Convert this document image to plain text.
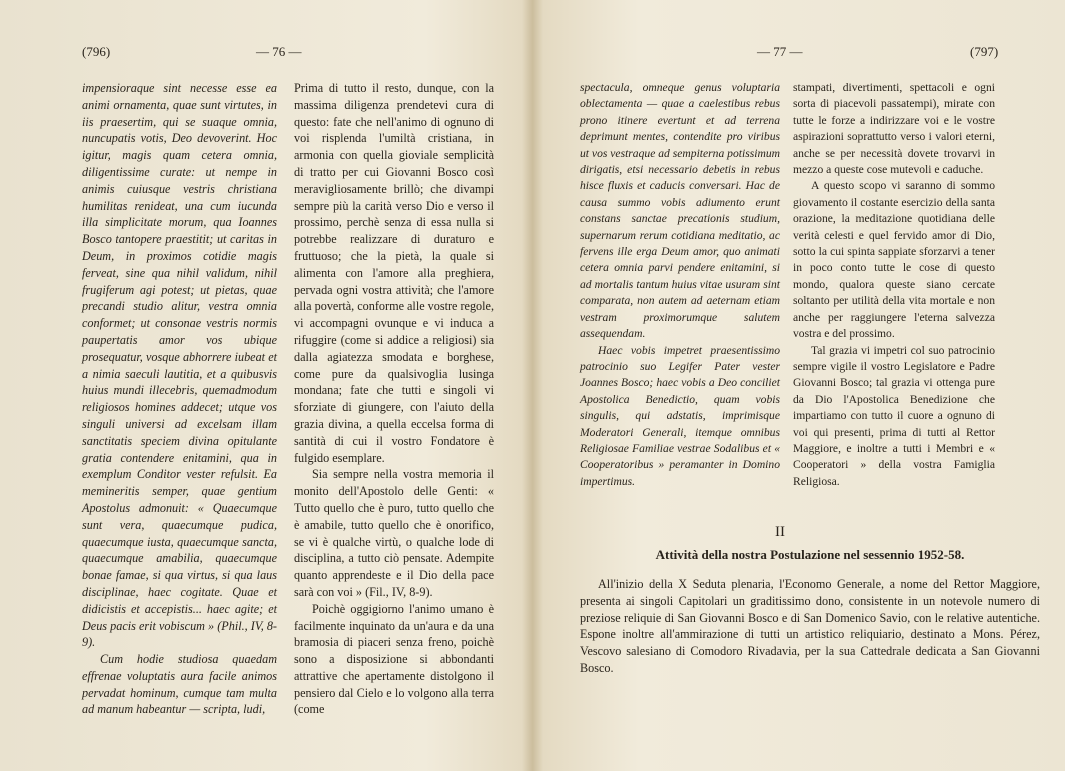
(796)	— 76 —

impensioraque sint necesse esse ea animi ornamenta, quae sunt virtutes, in iis praesertim, qui se suaque omnia, nuncupatis votis, Deo devoverint. Hoc igitur, magis quam cetera omnia, diligentissime curate: ut nempe in animis cuiusque vestris christiana humilitas renideat, una cum iucunda illa simplicitate morum, qua Ioannes Bosco tantopere praestitit; ut caritas in Deum, in proximos cotidie magis ferveat, sine qua nihil validum, nihil frugiferum agi potest; ut pietas, quae precandi studio alitur, vestra omnia conformet; ut consonae vestris normis paupertatis amor vos ubique prosequatur, vosque abhorrere iubeat et a nimia saeculi lautitia, et a quibusvis huius mundi illecebris, quemadmodum religiosos homines addecet; utque vos singuli universi ad excelsam illam sanctitatis speciem divina opitulante gratia contendere enitamini, qua in exemplum Conditor vester refulsit. Ea memineritis semper, quae gentium Apostolus admonuit: « Quaecumque sunt vera, quaecumque pudica, quaecumque iusta, quaecumque sancta, quaecumque amabilia, quaecumque bonae famae, si qua virtus, si qua laus disciplinae, haec cogitate. Quae et didicistis et accepistis... haec agite; et Deus pacis erit vobiscum » (Phil., IV, 8-9).

Cum hodie studiosa quaedam effrenae voluptatis aura facile animos pervadat hominum, cumque tam multa ad manum habeantur — scripta, ludi,

Prima di tutto il resto, dunque, con la massima diligenza prendetevi cura di questo: fate che nell'animo di ognuno di voi risplenda l'umiltà cristiana, in armonia con quella gioviale semplicità di tratto per cui Giovanni Bosco così meravigliosamente brillò; che divampi sempre più la carità verso Dio e verso il prossimo, perchè senza di essa nulla si potrebbe realizzare di duraturo e fruttuoso; che la pietà, la quale si alimenta con l'amore alla preghiera, pervada ogni vostra attività; che l'amore alla povertà, conforme alle vostre regole, vi accompagni ovunque e vi induca a rifuggire (come si addice a religiosi) sia dalla agiatezza smodata e borghese, come pure da qualsivoglia lusinga mondana; fate che tutti e singoli vi sforziate di giungere, con l'aiuto della grazia divina, a quella eccelsa forma di santità di cui il vostro Fondatore è fulgido esemplare.

Sia sempre nella vostra memoria il monito dell'Apostolo delle Genti: « Tutto quello che è puro, tutto quello che è amabile, tutto quello che è onorifico, se vi è qualche virtù, o qualche lode di disciplina, a tutto ciò pensate. Adempite quanto apprendeste e il Dio della pace sarà con voi » (Fil., IV, 8-9).

Poichè oggigiorno l'animo umano è facilmente inquinato da un'aura e da una bramosia di piaceri senza freno, poichè sono a disposizione si abbondanti attrattive che apertamente distolgono il pensiero dal Cielo e lo volgono alla terra (come

— 77 —	(797)

spectacula, omneque genus voluptaria oblectamenta — quae a caelestibus rebus prono itinere evertunt et ad terrena deprimunt mentes, contendite pro viribus ut vos vestraque ad sempiterna potissimum dirigatis, etsi necessario debetis in rebus hisce fluxis et caducis conversari. Hac de causa summo vobis adiumento erunt constans sanctae precationis studium, supernarum rerum cotidiana meditatio, ac fervens ille erga Deum amor, quo animati cetera omnia parvi pendere enitamini, si ad mortalis tantum huius vitae usuram sint comparata, non autem ad aeternam etiam vestram proximorumque salutem assequendam.

Haec vobis impetret praesentissimo patrocinio suo Legifer Pater vester Joannes Bosco; haec vobis a Deo conciliet Apostolica Benedictio, quam vobis singulis, qui adstatis, imprimisque Moderatori Generali, itemque omnibus Religiosae Familiae vestrae Sodalibus et « Cooperatoribus » peramanter in Domino impertimus.

stampati, divertimenti, spettacoli e ogni sorta di piacevoli passatempi), mirate con tutte le forze a indirizzare voi e le vostre aspirazioni soprattutto verso i valori eterni, anche se per necessità dovete trovarvi in mezzo a queste cose mutevoli e caduche.

A questo scopo vi saranno di sommo giovamento il costante esercizio della santa orazione, la meditazione quotidiana delle verità celesti e quel fervido amor di Dio, sotto la cui spinta sappiate sforzarvi a tener in poco conto tutte le cose di questo mondo, qualora queste siano cercate soltanto per utilità della vita mortale e non anche per raggiungere l'eterna salvezza vostra e del prossimo.

Tal grazia vi impetri col suo patrocinio sempre vigile il vostro Legislatore e Padre Giovanni Bosco; tal grazia vi ottenga pure da Dio l'Apostolica Benedizione che impartiamo con tutto il cuore a ognuno di voi qui presenti, prima di tutti al Rettor Maggiore, e inoltre a tutti i Membri e « Cooperatori » della vostra Famiglia Religiosa.

II
Attività della nostra Postulazione nel sessennio 1952-58.

All'inizio della X Seduta plenaria, l'Economo Generale, a nome del Rettor Maggiore, presenta ai singoli Capitolari un graditissimo dono, consistente in un notevole numero di preziose reliquie di San Giovanni Bosco e di San Domenico Savio, con le relative autentiche. Espone inoltre all'ammirazione di tutti un artistico reliquiario, destinato a Mons. Pérez, Vescovo salesiano di Comodoro Rivadavia, per la sua Cattedrale dedicata a San Giovanni Bosco.
